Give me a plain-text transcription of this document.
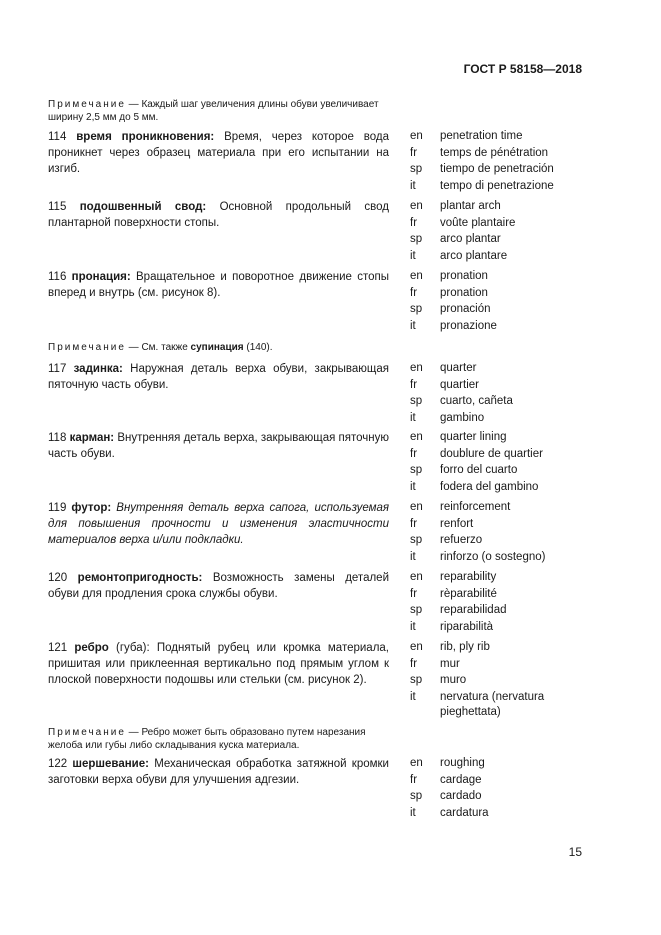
ГОСТ Р 58158—2018
Примечание — Каждый шаг увеличения длины обуви увеличивает ширину 2,5 мм до 5 мм.
114 время проникновения: Время, через которое вода проникнет через образец материала при его испытании на изгиб.
en	penetration time
fr	temps de pénétration
sp	tiempo de penetración
it	tempo di penetrazione
115 подошвенный свод: Основной продольный свод плантарной поверхности стопы.
en	plantar arch
fr	voûte plantaire
sp	arco plantar
it	arco plantare
116 пронация: Вращательное и поворотное движение стопы вперед и внутрь (см. рисунок 8).
en	pronation
fr	pronation
sp	pronación
it	pronazione
Примечание — См. также супинация (140).
117 задинка: Наружная деталь верха обуви, закрывающая пяточную часть обуви.
en	quarter
fr	quartier
sp	cuarto, cañeta
it	gambino
118 карман: Внутренняя деталь верха, закрывающая пяточную часть обуви.
en	quarter lining
fr	doublure de quartier
sp	forro del cuarto
it	fodera del gambino
119 футор: Внутренняя деталь верха сапога, используемая для повышения прочности и изменения эластичности материалов верха и/или подкладки.
en	reinforcement
fr	renfort
sp	refuerzo
it	rinforzo (o sostegno)
120 ремонтопригодность: Возможность замены деталей обуви для продления срока службы обуви.
en	reparability
fr	rèparabilité
sp	reparabilidad
it	riparabilità
121 ребро (губа): Поднятый рубец или кромка материала, пришитая или приклеенная вертикально под прямым углом к плоской поверхности подошвы или стельки (см. рисунок 2).
en	rib, ply rib
fr	mur
sp	muro
it	nervatura (nervatura pieghettata)
Примечание — Ребро может быть образовано путем нарезания желоба или губы либо складывания куска материала.
122 шершевание: Механическая обработка затяжной кромки заготовки верха обуви для улучшения адгезии.
en	roughing
fr	cardage
sp	cardado
it	cardatura
15
